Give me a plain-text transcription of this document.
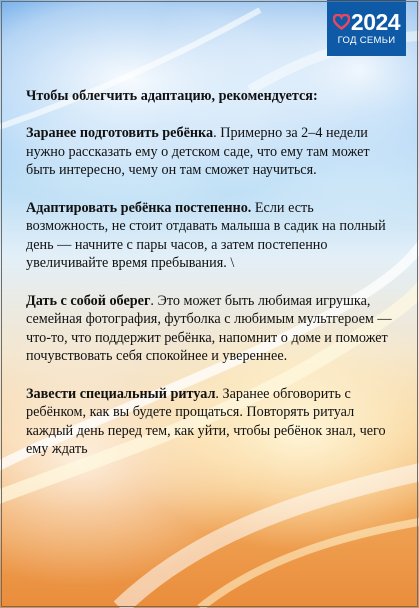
2024
ГОД СЕМЬИ

Чтобы облегчить адаптацию, рекомендуется:

Заранее подготовить ребёнка. Примерно за 2–4 недели нужно рассказать ему о детском саде, что ему там может быть интересно, чему он там сможет научиться.

Адаптировать ребёнка постепенно. Если есть возможность, не стоит отдавать малыша в садик на полный день — начните с пары часов, а затем постепенно увеличивайте время пребывания. \

Дать с собой оберег. Это может быть любимая игрушка, семейная фотография, футболка с любимым мультгероем — что-то, что поддержит ребёнка, напомнит о доме и поможет почувствовать себя спокойнее и увереннее.

Завести специальный ритуал. Заранее обговорить с ребёнком, как вы будете прощаться. Повторять ритуал каждый день перед тем, как уйти, чтобы ребёнок знал, чего ему ждать
